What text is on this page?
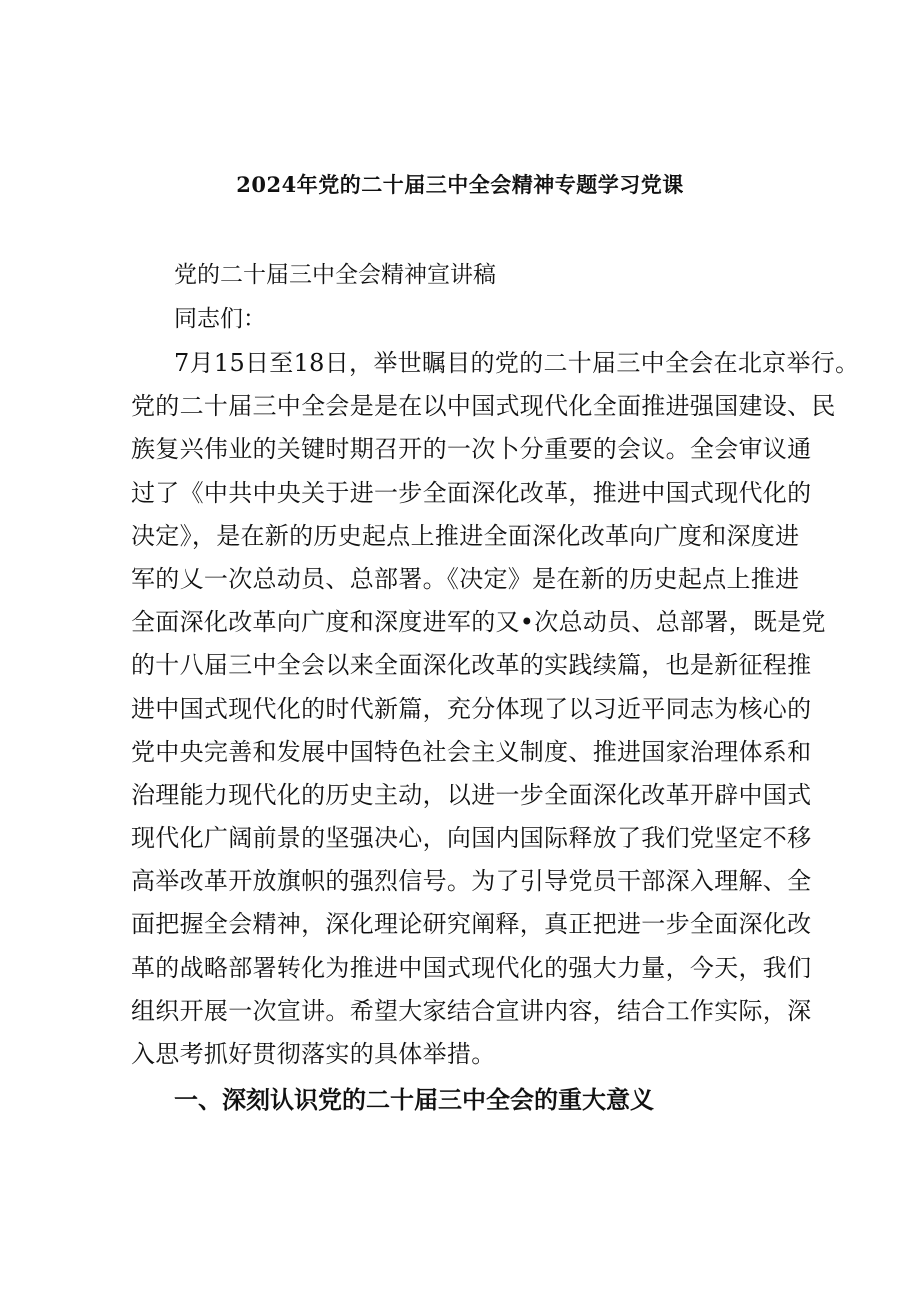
2024年党的二十届三中全会精神专题学习党课
党的二十届三中全会精神宣讲稿
同志们：
7月15日至18日，举世瞩目的党的二十届三中全会在北京举行。
党的二十届三中全会是是在以中国式现代化全面推进强国建设、民
族复兴伟业的关键时期召开的一次卜分重要的会议。全会审议通
过了《中共中央关于进一步全面深化改革，推进中国式现代化的
决定》，是在新的历史起点上推进全面深化改革向广度和深度进
军的乂一次总动员、总部署。《决定》是在新的历史起点上推进
全面深化改革向广度和深度进军的又•次总动员、总部署，既是党
的十八届三中全会以来全面深化改革的实践续篇，也是新征程推
进中国式现代化的时代新篇，充分体现了以习近平同志为核心的
党中央完善和发展中国特色社会主义制度、推进国家治理体系和
治理能力现代化的历史主动，以进一步全面深化改革开辟中国式
现代化广阔前景的坚强决心，向国内国际释放了我们党坚定不移
高举改革开放旗帜的强烈信号。为了引导党员干部深入理解、全
面把握全会精神，深化理论研究阐释，真正把进一步全面深化改
革的战略部署转化为推进中国式现代化的强大力量，今天，我们
组织开展一次宣讲。希望大家结合宣讲内容，结合工作实际，深
入思考抓好贯彻落实的具体举措。
一、深刻认识党的二十届三中全会的重大意义
